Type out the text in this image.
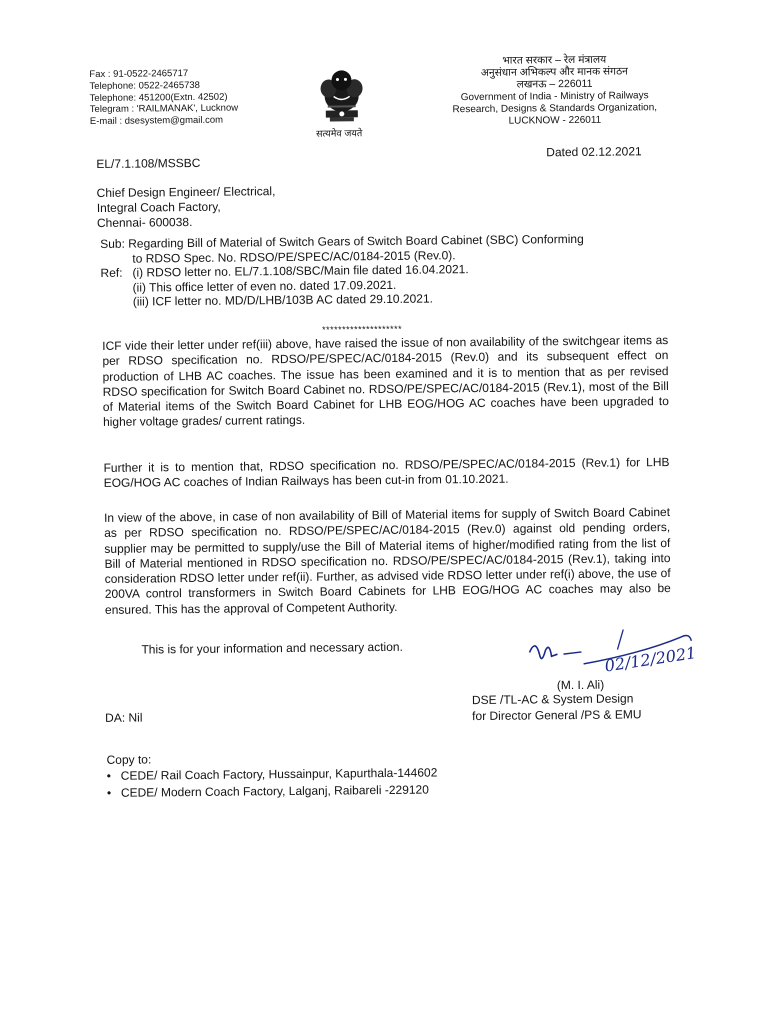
Fax : 91-0522-2465717
Telephone: 0522-2465738
Telephone: 451200(Extn. 42502)
Telegram : 'RAILMANAK', Lucknow
E-mail : dsesystem@gmail.com
सत्यमेव जयते
भारत सरकार – रेल मंत्रालय
अनुसंधान अभिकल्प और मानक संगठन
लखनऊ – 226011
Government of India - Ministry of Railways
Research, Designs & Standards Organization,
LUCKNOW - 226011
EL/7.1.108/MSSBC
Dated 02.12.2021
Chief Design Engineer/ Electrical,
Integral Coach Factory,
Chennai- 600038.
Sub: Regarding Bill of Material of Switch Gears of Switch Board Cabinet (SBC) Conforming
to RDSO Spec. No. RDSO/PE/SPEC/AC/0184-2015 (Rev.0).
Ref: (i) RDSO letter no. EL/7.1.108/SBC/Main file dated 16.04.2021.
(ii) This office letter of even no. dated 17.09.2021.
(iii) ICF letter no. MD/D/LHB/103B AC dated 29.10.2021.
********************
ICF vide their letter under ref(iii) above, have raised the issue of non availability of the switchgear items as per RDSO specification no. RDSO/PE/SPEC/AC/0184-2015 (Rev.0) and its subsequent effect on production of LHB AC coaches. The issue has been examined and it is to mention that as per revised RDSO specification for Switch Board Cabinet no. RDSO/PE/SPEC/AC/0184-2015 (Rev.1), most of the Bill of Material items of the Switch Board Cabinet for LHB EOG/HOG AC coaches have been upgraded to higher voltage grades/ current ratings.
Further it is to mention that, RDSO specification no. RDSO/PE/SPEC/AC/0184-2015 (Rev.1) for LHB EOG/HOG AC coaches of Indian Railways has been cut-in from 01.10.2021.
In view of the above, in case of non availability of Bill of Material items for supply of Switch Board Cabinet as per RDSO specification no. RDSO/PE/SPEC/AC/0184-2015 (Rev.0) against old pending orders, supplier may be permitted to supply/use the Bill of Material items of higher/modified rating from the list of Bill of Material mentioned in RDSO specification no. RDSO/PE/SPEC/AC/0184-2015 (Rev.1), taking into consideration RDSO letter under ref(ii). Further, as advised vide RDSO letter under ref(i) above, the use of 200VA control transformers in Switch Board Cabinets for LHB EOG/HOG AC coaches may also be ensured. This has the approval of Competent Authority.
This is for your information and necessary action.	02/12/2021
(M. I. Ali)
DSE /TL-AC & System Design
for Director General /PS & EMU
DA: Nil
Copy to:
• CEDE/ Rail Coach Factory, Hussainpur, Kapurthala-144602
• CEDE/ Modern Coach Factory, Lalganj, Raibareli -229120
